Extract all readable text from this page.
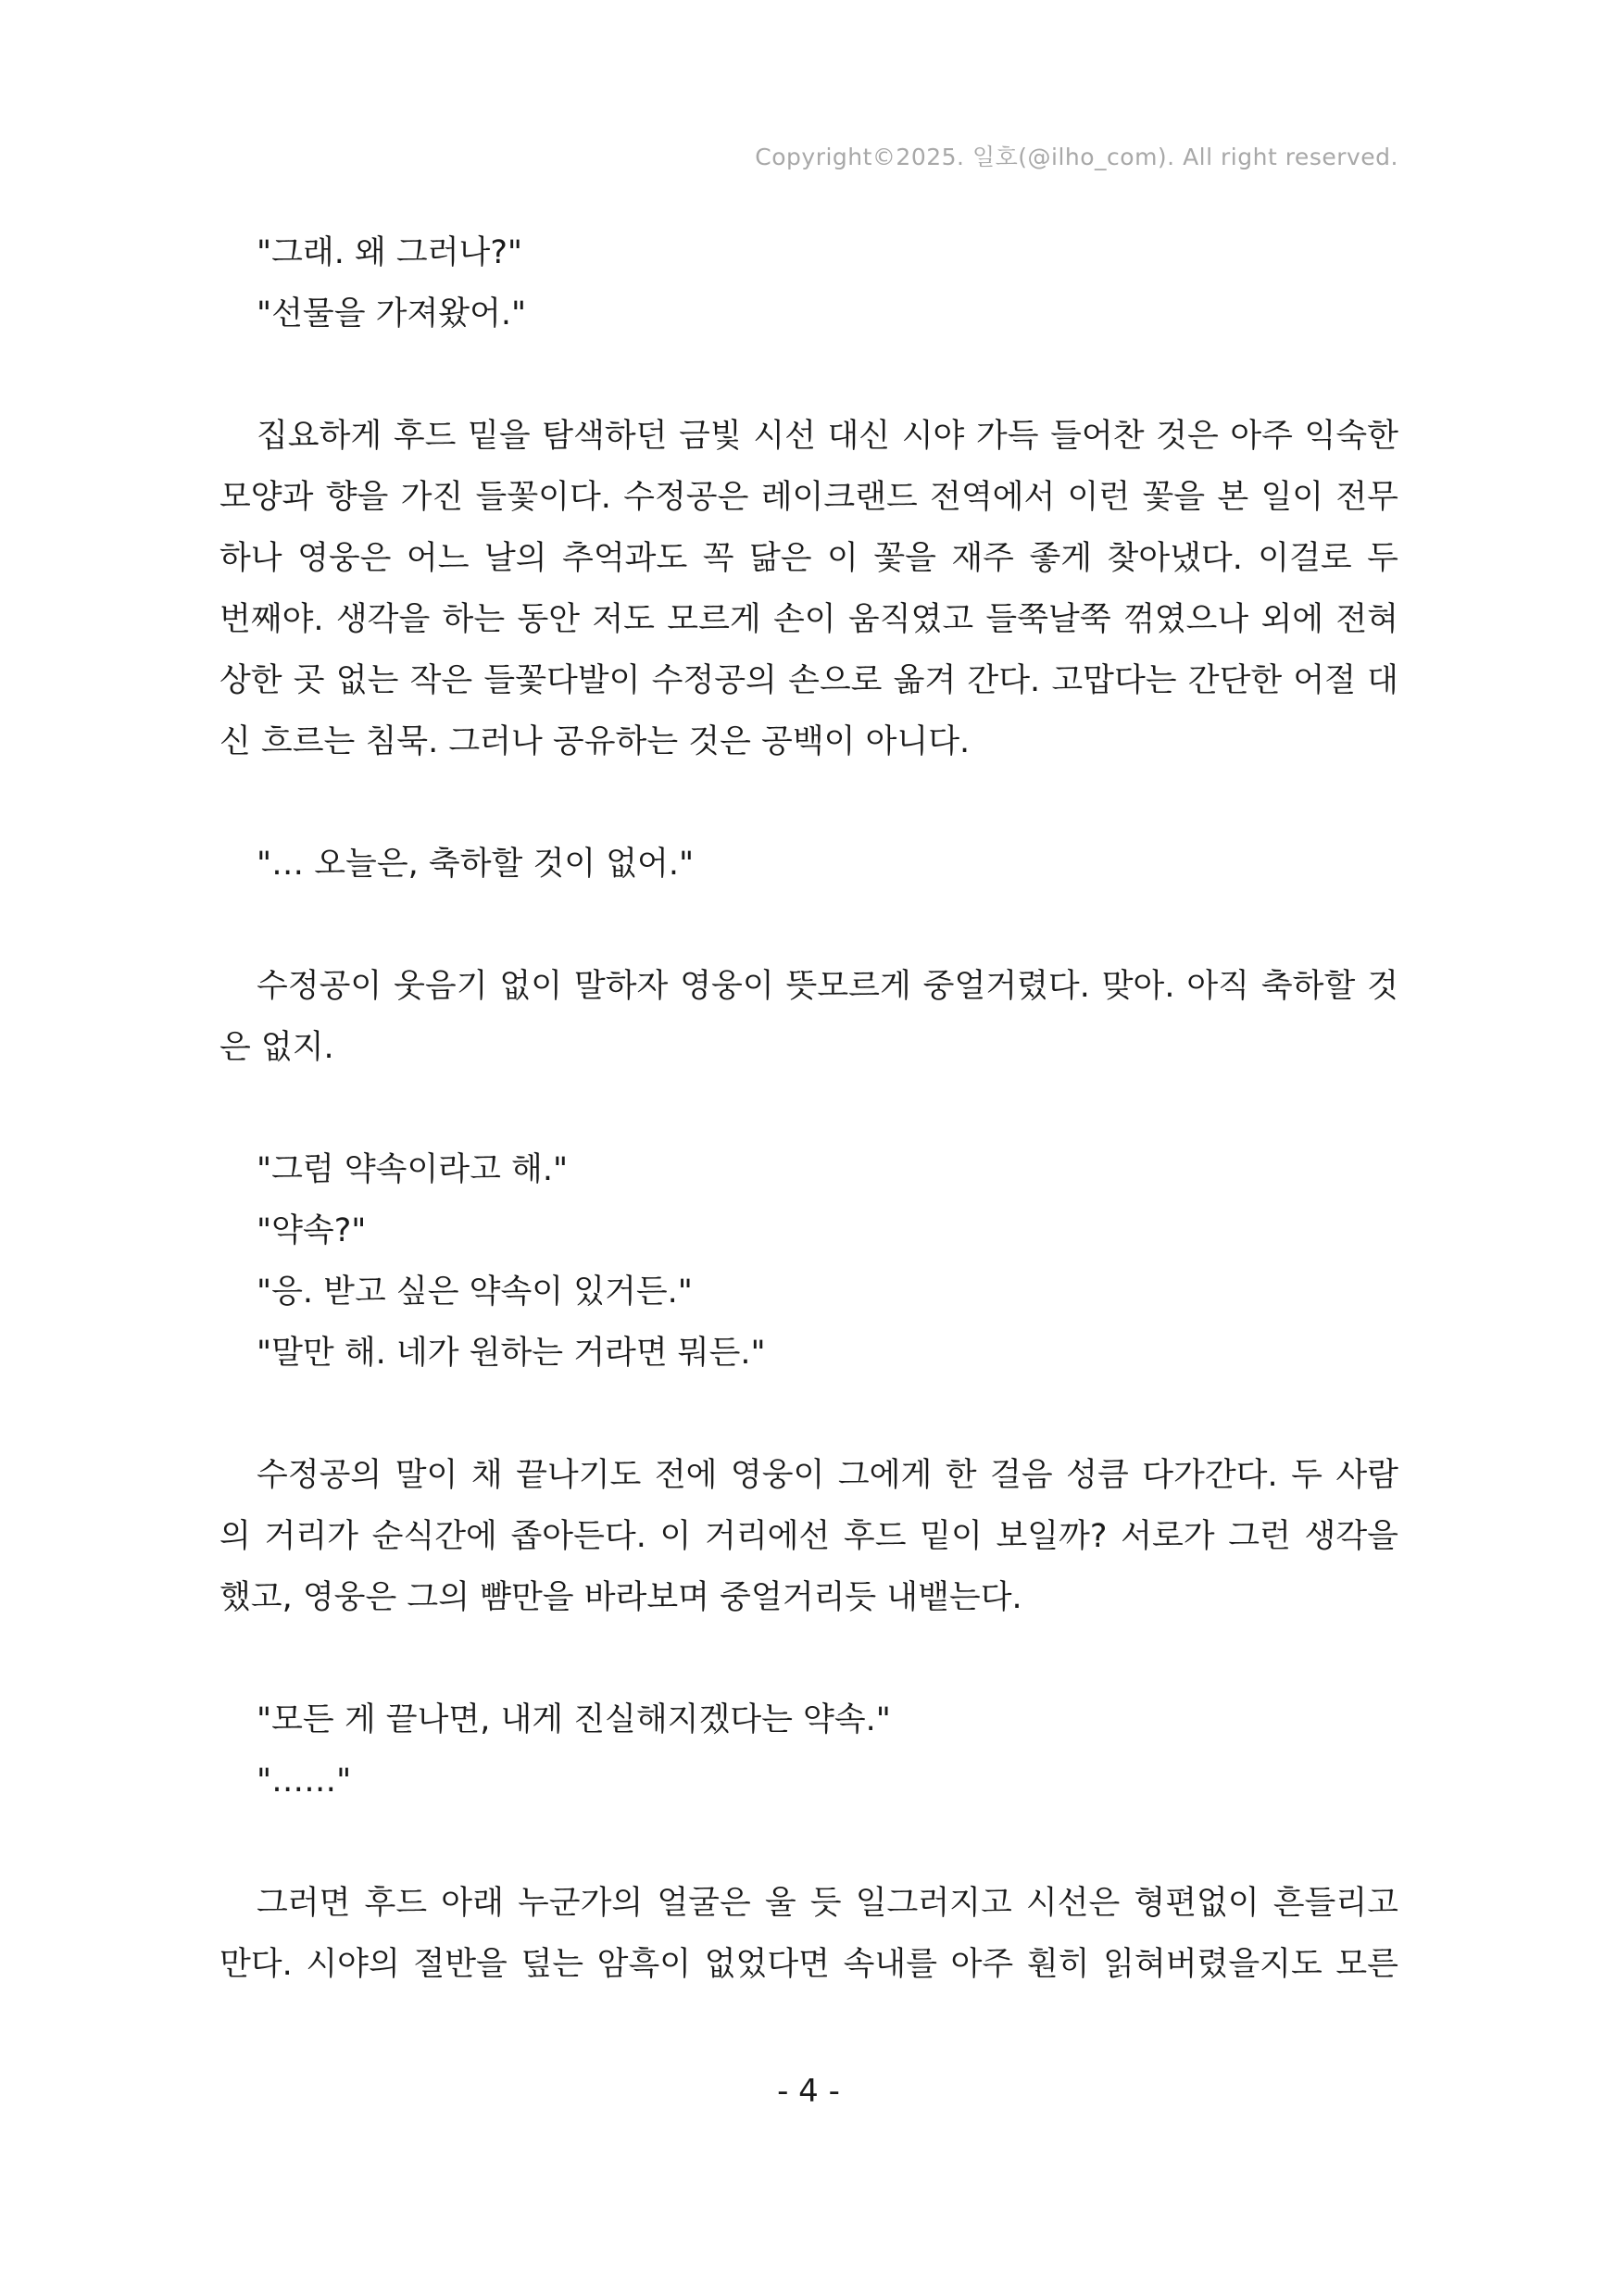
Copyright©2025. 일호(@ilho_com). All right reserved.
"그래. 왜 그러나?"
"선물을 가져왔어."
집요하게 후드 밑을 탐색하던 금빛 시선 대신 시야 가득 들어찬 것은 아주 익숙한
모양과 향을 가진 들꽃이다. 수정공은 레이크랜드 전역에서 이런 꽃을 본 일이 전무
하나 영웅은 어느 날의 추억과도 꼭 닮은 이 꽃을 재주 좋게 찾아냈다. 이걸로 두
번째야. 생각을 하는 동안 저도 모르게 손이 움직였고 들쭉날쭉 꺾였으나 외에 전혀
상한 곳 없는 작은 들꽃다발이 수정공의 손으로 옮겨 간다. 고맙다는 간단한 어절 대
신 흐르는 침묵. 그러나 공유하는 것은 공백이 아니다.
"… 오늘은, 축하할 것이 없어."
수정공이 웃음기 없이 말하자 영웅이 뜻모르게 중얼거렸다. 맞아. 아직 축하할 것
은 없지.
"그럼 약속이라고 해."
"약속?"
"응. 받고 싶은 약속이 있거든."
"말만 해. 네가 원하는 거라면 뭐든."
수정공의 말이 채 끝나기도 전에 영웅이 그에게 한 걸음 성큼 다가간다. 두 사람
의 거리가 순식간에 좁아든다. 이 거리에선 후드 밑이 보일까? 서로가 그런 생각을
했고, 영웅은 그의 뺨만을 바라보며 중얼거리듯 내뱉는다.
"모든 게 끝나면, 내게 진실해지겠다는 약속."
"……"
그러면 후드 아래 누군가의 얼굴은 울 듯 일그러지고 시선은 형편없이 흔들리고
만다. 시야의 절반을 덮는 암흑이 없었다면 속내를 아주 훤히 읽혀버렸을지도 모른
- 4 -
